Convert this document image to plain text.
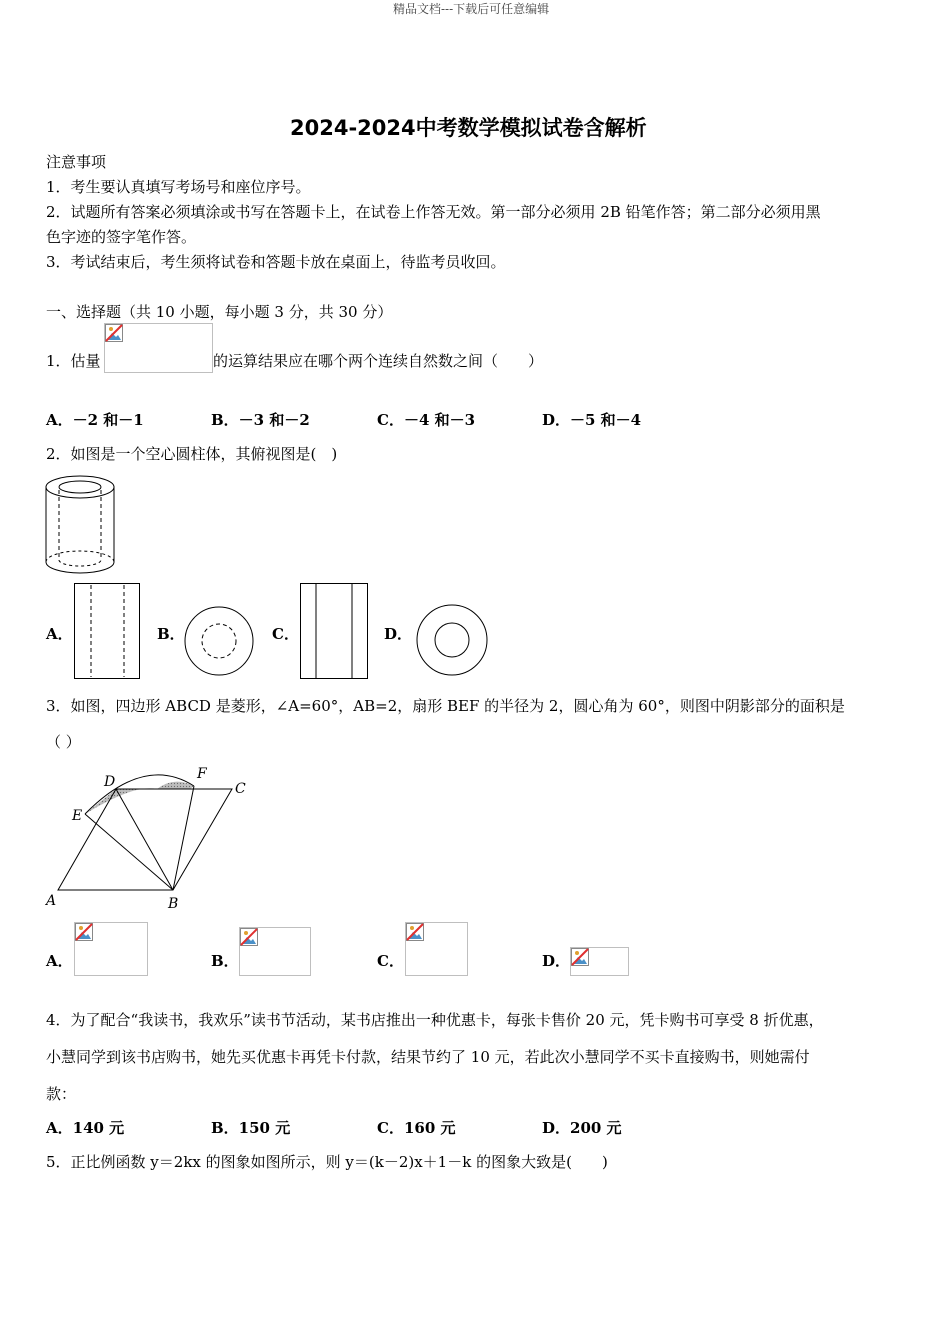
精品文档---下载后可任意编辑
2024-2024中考数学模拟试卷含解析
注意事项
1．考生要认真填写考场号和座位序号。
2．试题所有答案必须填涂或书写在答题卡上，在试卷上作答无效。第一部分必须用 2B 铅笔作答；第二部分必须用黑
色字迹的签字笔作答。
3．考试结束后，考生须将试卷和答题卡放在桌面上，待监考员收回。
一、选择题（共 10 小题，每小题 3 分，共 30 分）
1．估量	的运算结果应在哪个两个连续自然数之间（　　）
A．－2 和－1	B．－3 和－2	C．－4 和－3	D．－5 和－4
2．如图是一个空心圆柱体，其俯视图是(　)
A．	B．	C．	D．
3．如图，四边形 ABCD 是菱形，∠A=60°，AB=2，扇形 BEF 的半径为 2，圆心角为 60°，则图中阴影部分的面积是
（ ）
D	F
C
E
A	B
A．	B．	C．	D．
4．为了配合“我读书，我欢乐”读书节活动，某书店推出一种优惠卡，每张卡售价 20 元，凭卡购书可享受 8 折优惠，
小慧同学到该书店购书，她先买优惠卡再凭卡付款，结果节约了 10 元，若此次小慧同学不买卡直接购书，则她需付
款：
A．140 元	B．150 元	C．160 元	D．200 元
5．正比例函数 y＝2kx 的图象如图所示，则 y＝(k－2)x＋1－k 的图象大致是(　　)
